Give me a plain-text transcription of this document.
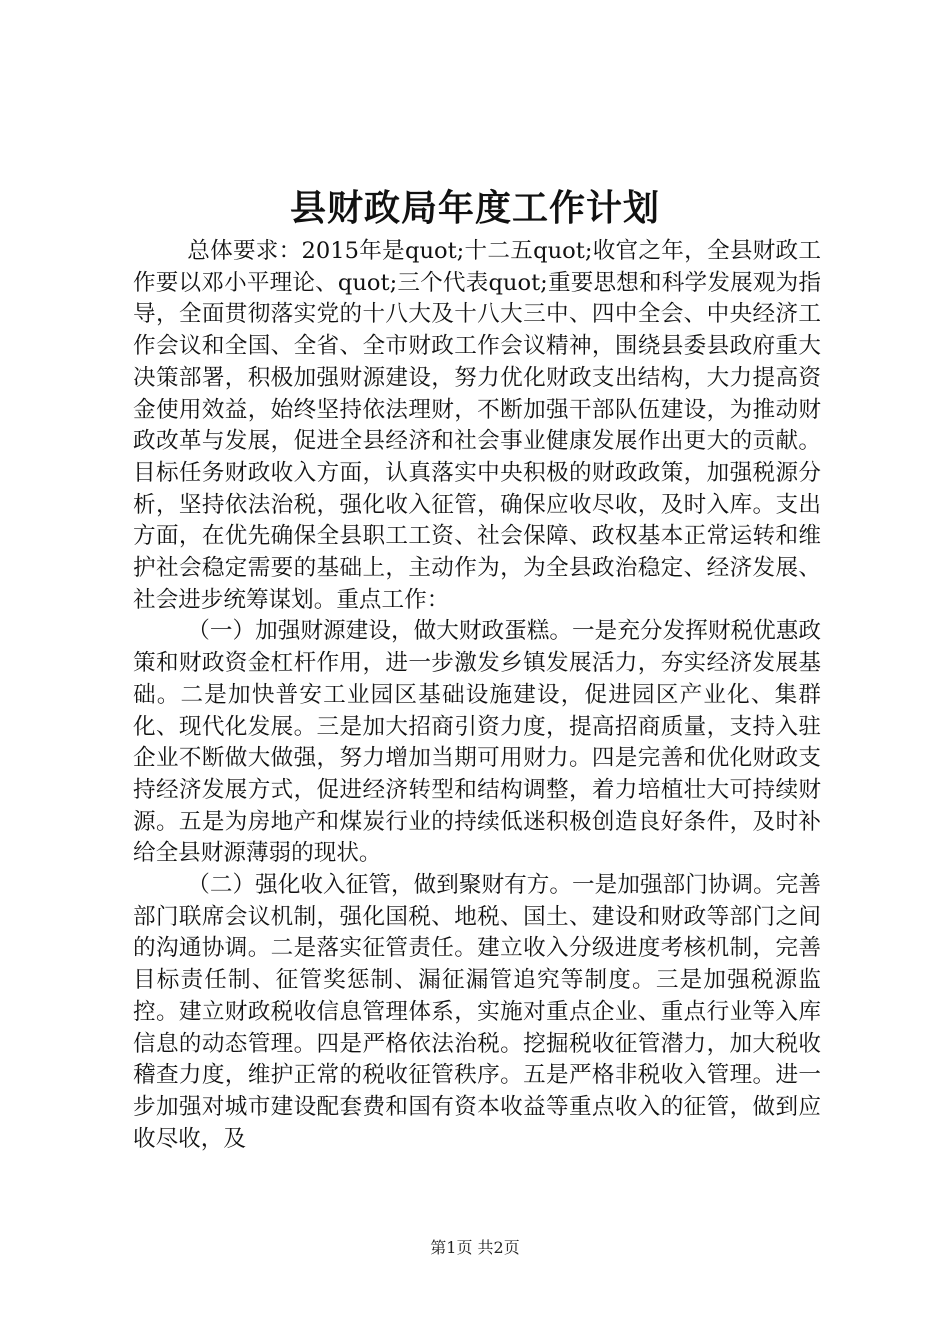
县财政局年度工作计划

总体要求：2015年是quot;十二五quot;收官之年，全县财政工作要以邓小平理论、quot;三个代表quot;重要思想和科学发展观为指导，全面贯彻落实党的十八大及十八大三中、四中全会、中央经济工作会议和全国、全省、全市财政工作会议精神，围绕县委县政府重大决策部署，积极加强财源建设，努力优化财政支出结构，大力提高资金使用效益，始终坚持依法理财，不断加强干部队伍建设，为推动财政改革与发展，促进全县经济和社会事业健康发展作出更大的贡献。目标任务财政收入方面，认真落实中央积极的财政政策，加强税源分析，坚持依法治税，强化收入征管，确保应收尽收，及时入库。支出方面，在优先确保全县职工工资、社会保障、政权基本正常运转和维护社会稳定需要的基础上，主动作为，为全县政治稳定、经济发展、社会进步统筹谋划。重点工作：

（一）加强财源建设，做大财政蛋糕。一是充分发挥财税优惠政策和财政资金杠杆作用，进一步激发乡镇发展活力，夯实经济发展基础。二是加快普安工业园区基础设施建设，促进园区产业化、集群化、现代化发展。三是加大招商引资力度，提高招商质量，支持入驻企业不断做大做强，努力增加当期可用财力。四是完善和优化财政支持经济发展方式，促进经济转型和结构调整，着力培植壮大可持续财源。五是为房地产和煤炭行业的持续低迷积极创造良好条件，及时补给全县财源薄弱的现状。

（二）强化收入征管，做到聚财有方。一是加强部门协调。完善部门联席会议机制，强化国税、地税、国土、建设和财政等部门之间的沟通协调。二是落实征管责任。建立收入分级进度考核机制，完善目标责任制、征管奖惩制、漏征漏管追究等制度。三是加强税源监控。建立财政税收信息管理体系，实施对重点企业、重点行业等入库信息的动态管理。四是严格依法治税。挖掘税收征管潜力，加大税收稽查力度，维护正常的税收征管秩序。五是严格非税收入管理。进一步加强对城市建设配套费和国有资本收益等重点收入的征管，做到应收尽收，及

第1页 共2页
